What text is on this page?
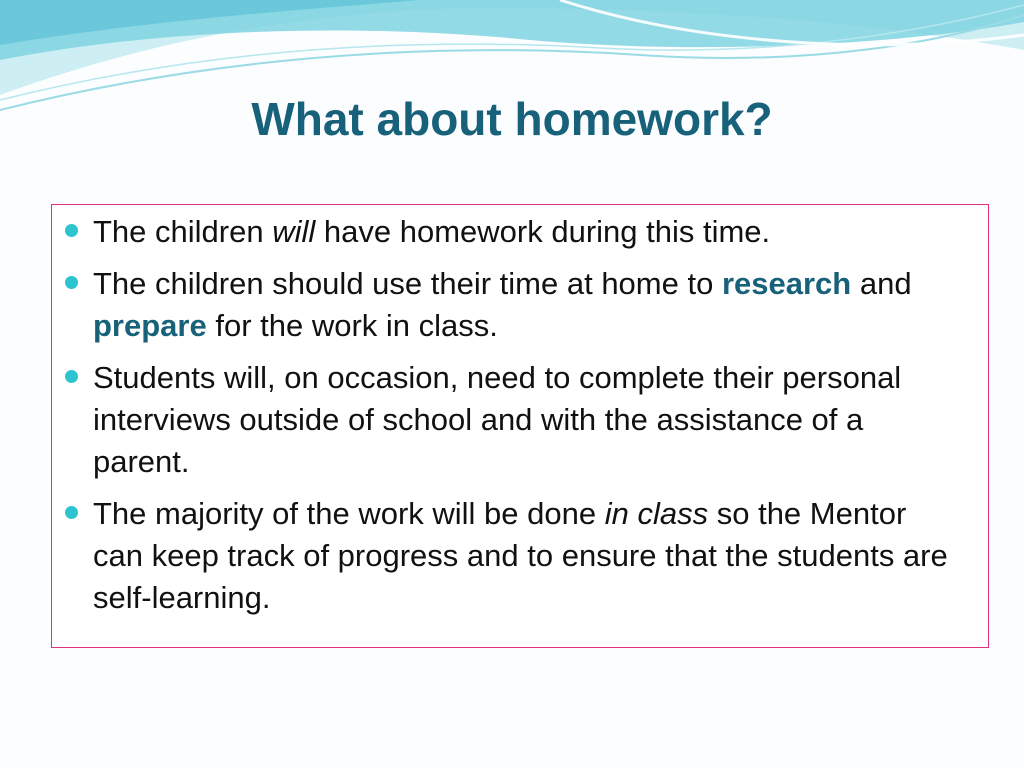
What about homework?
The children will have homework during this time.
The children should use their time at home to research and prepare for the work in class.
Students will, on occasion, need to complete their personal interviews outside of school and with the assistance of a parent.
The majority of the work will be done in class so the Mentor can keep track of progress and to ensure that the students are self-learning.
